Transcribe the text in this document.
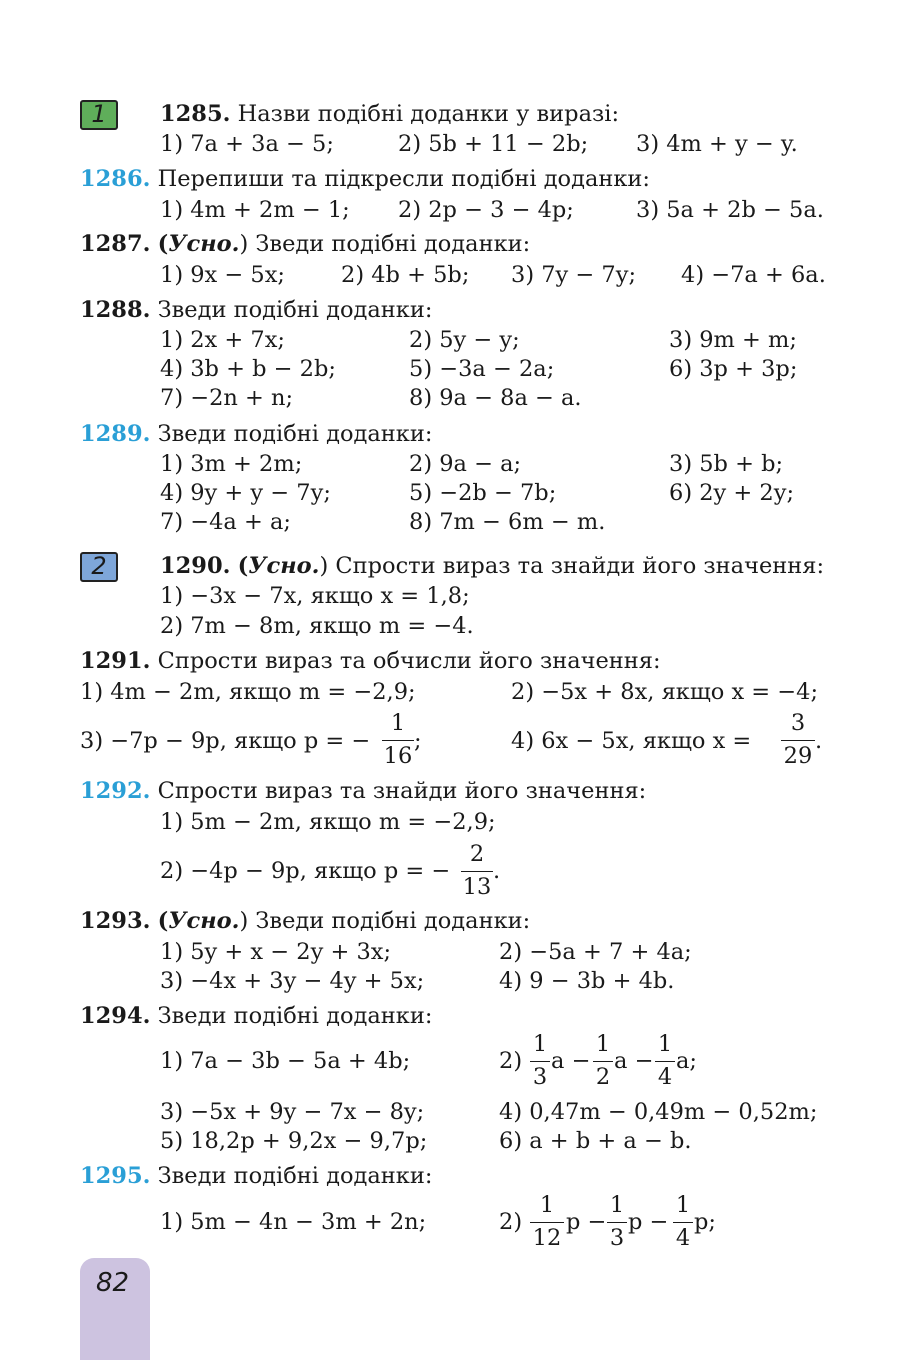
1	1285. Назви подібні доданки у виразі:
1) 7a + 3a − 5;	2) 5b + 11 − 2b; 3) 4m + y − y.
1286. Перепиши та підкресли подібні доданки:
1) 4m + 2m − 1; 2) 2p − 3 − 4p;	3) 5a + 2b − 5a.
1287. (Усно.) Зведи подібні доданки:
1) 9x − 5x; 2) 4b + 5b; 3) 7y − 7y; 4) −7a + 6a.
1288. Зведи подібні доданки:
1) 2x + 7x;	2) 5y − y;	3) 9m + m;
4) 3b + b − 2b;	5) −3a − 2a;	6) 3p + 3p;
7) −2n + n;	8) 9a − 8a − a.
1289. Зведи подібні доданки:
1) 3m + 2m;	2) 9a − a;	3) 5b + b;
4) 9y + y − 7y;	5) −2b − 7b;	6) 2y + 2y;
7) −4a + a;	8) 7m − 6m − m.
2	1290. (Усно.) Спрости вираз та знайди його значення:
1) −3x − 7x, якщо x = 1,8;
2) 7m − 8m, якщо m = −4.
1291. Спрости вираз та обчисли його значення:
1) 4m − 2m, якщо m = −2,9;	2) −5x + 8x, якщо x = −4;
3) −7p − 9p, якщо p = −
1
16
;	4) 6x − 5x, якщо x =
3
29
.
1292. Спрости вираз та знайди його значення:
1) 5m − 2m, якщо m = −2,9;
2) −4p − 9p, якщо p = −
2
13
.
1293. (Усно.) Зведи подібні доданки:
1) 5y + x − 2y + 3x;	2) −5a + 7 + 4a;
3) −4x + 3y − 4y + 5x;	4) 9 − 3b + 4b.
1294. Зведи подібні доданки:
1) 7a − 3b − 5a + 4b;	2)
1
3
a −
1
2
a −
1
4
a;
3) −5x + 9y − 7x − 8y;	4) 0,47m − 0,49m − 0,52m;
5) 18,2p + 9,2x − 9,7p;	6) a + b + a − b.
1295. Зведи подібні доданки:
1) 5m − 4n − 3m + 2n;	2)
1
12
p −
1
3
p −
1
4
p;
82
